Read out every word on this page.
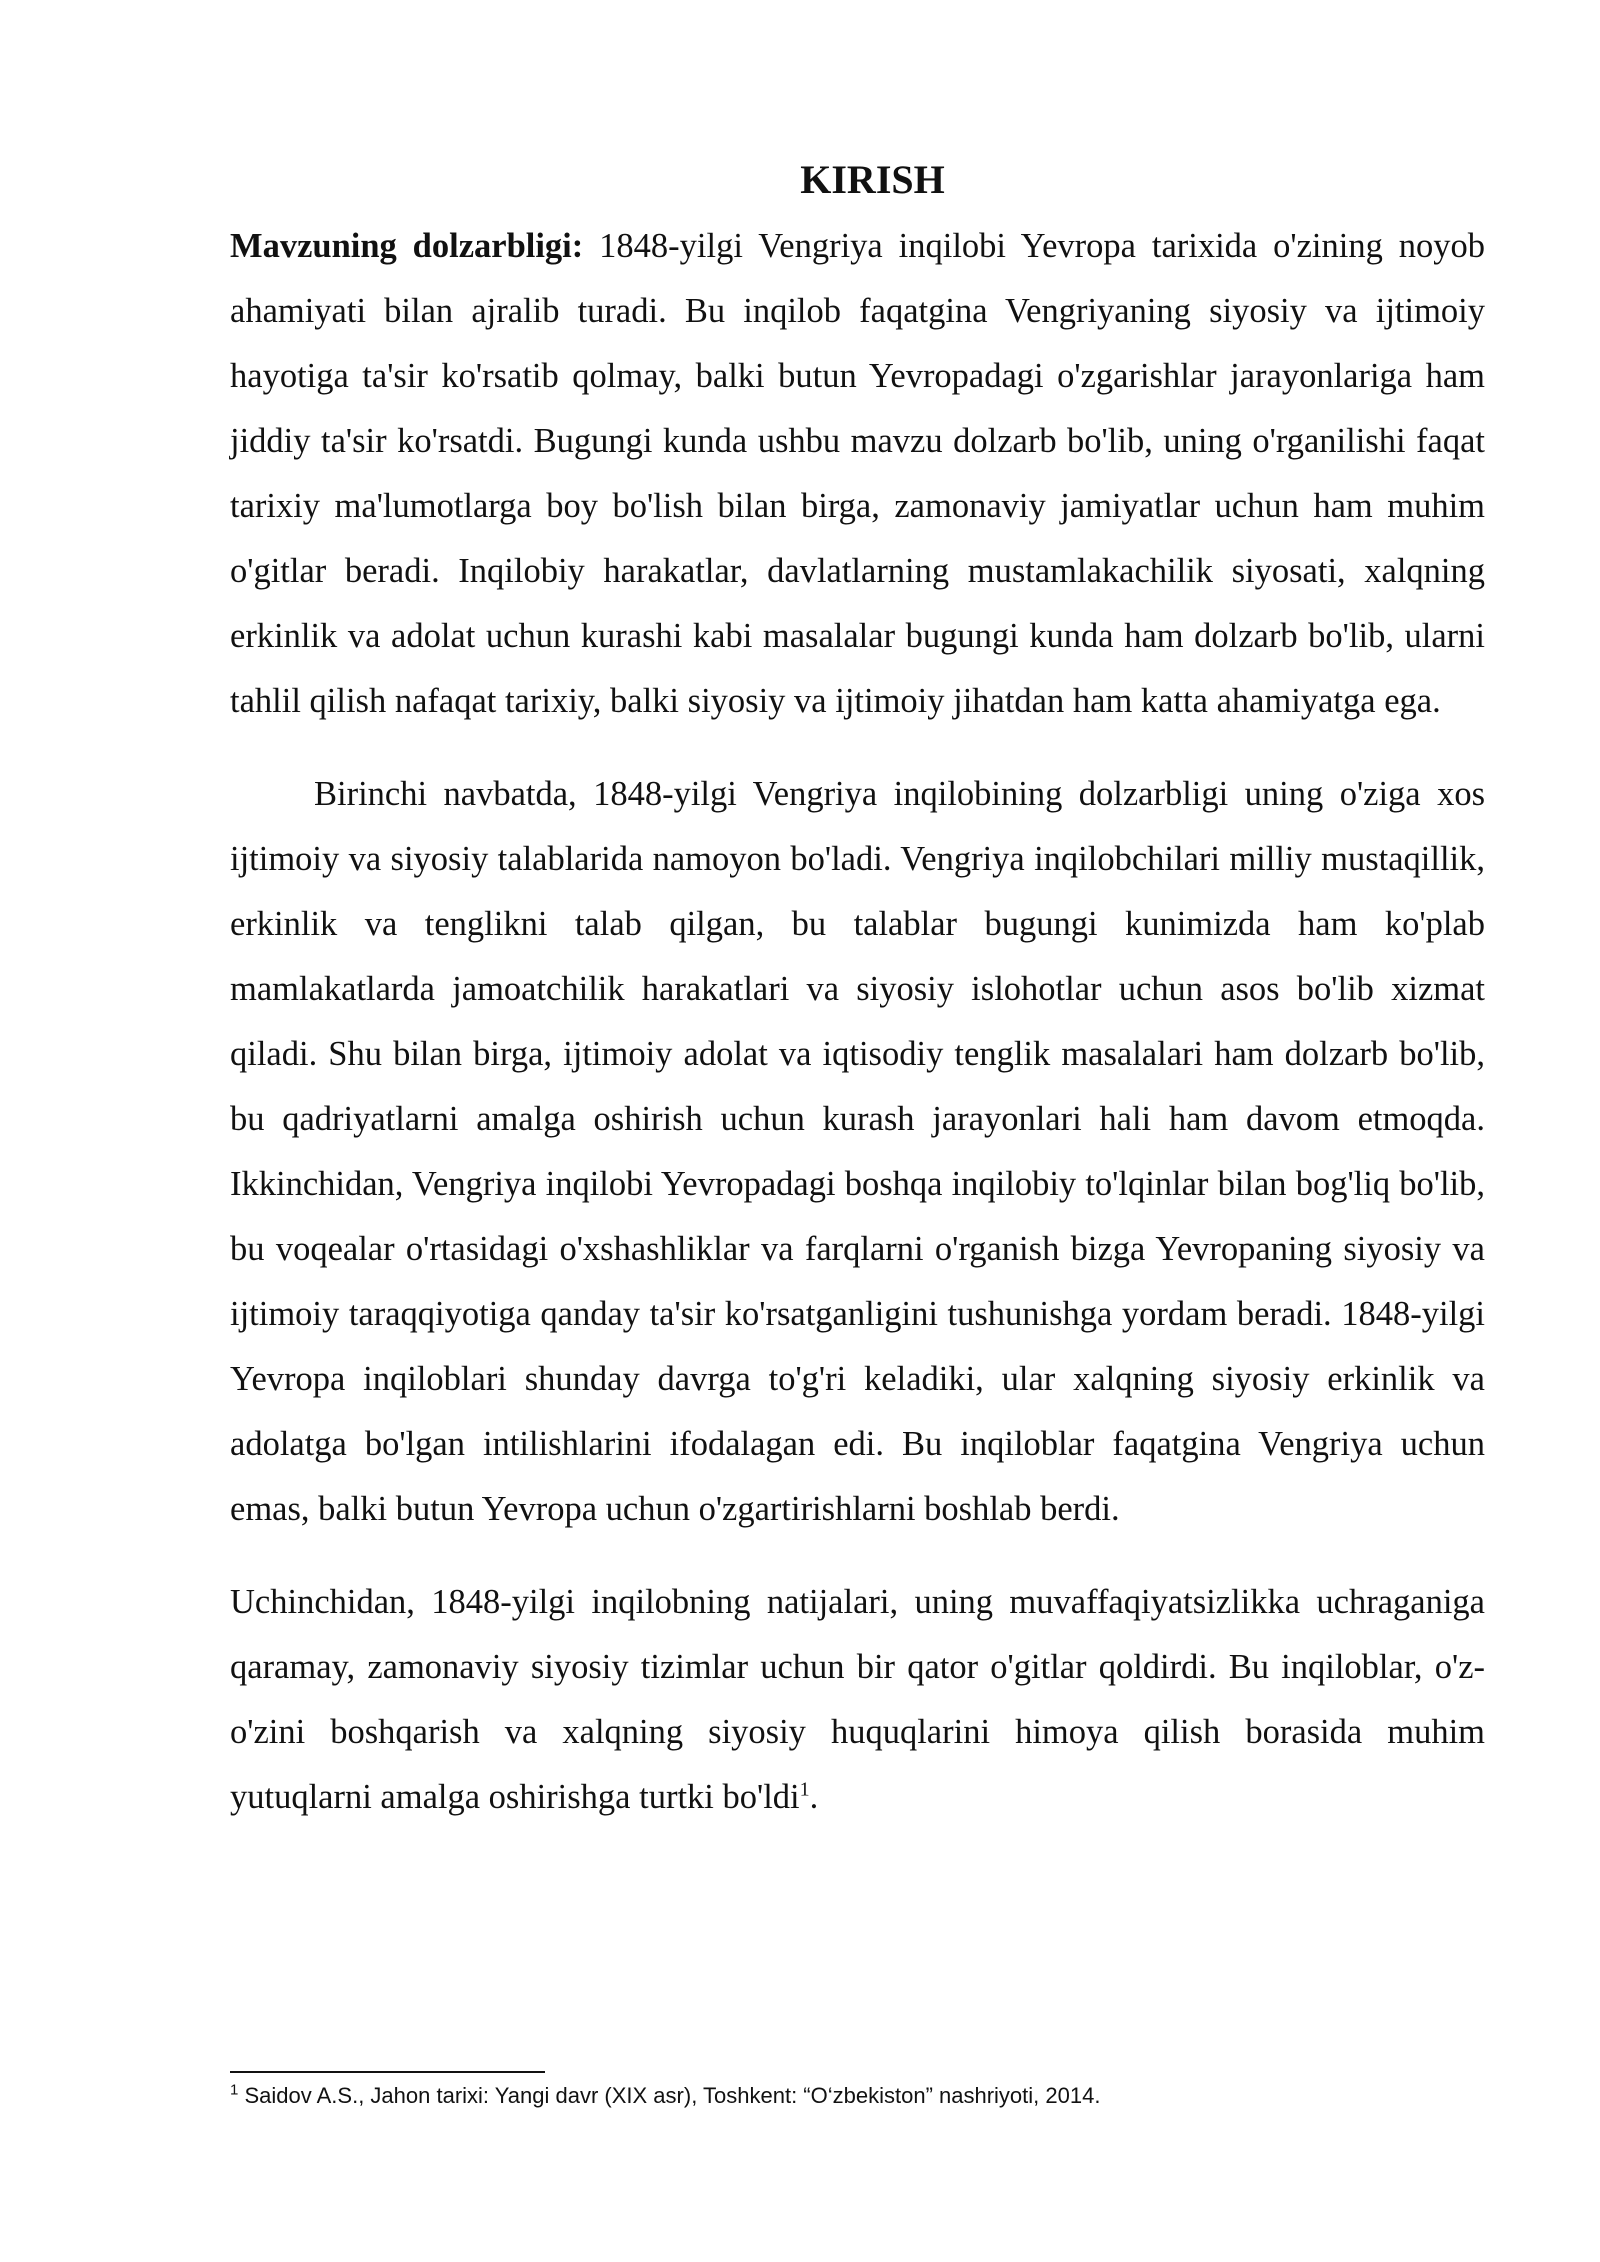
KIRISH

Mavzuning dolzarbligi: 1848-yilgi Vengriya inqilobi Yevropa tarixida o'zining noyob ahamiyati bilan ajralib turadi. Bu inqilob faqatgina Vengriyaning siyosiy va ijtimoiy hayotiga ta'sir ko'rsatib qolmay, balki butun Yevropadagi o'zgarishlar jarayonlariga ham jiddiy ta'sir ko'rsatdi. Bugungi kunda ushbu mavzu dolzarb bo'lib, uning o'rganilishi faqat tarixiy ma'lumotlarga boy bo'lish bilan birga, zamonaviy jamiyatlar uchun ham muhim o'gitlar beradi. Inqilobiy harakatlar, davlatlarning mustamlakachilik siyosati, xalqning erkinlik va adolat uchun kurashi kabi masalalar bugungi kunda ham dolzarb bo'lib, ularni tahlil qilish nafaqat tarixiy, balki siyosiy va ijtimoiy jihatdan ham katta ahamiyatga ega.

Birinchi navbatda, 1848-yilgi Vengriya inqilobining dolzarbligi uning o'ziga xos ijtimoiy va siyosiy talablarida namoyon bo'ladi. Vengriya inqilobchilari milliy mustaqillik, erkinlik va tenglikni talab qilgan, bu talablar bugungi kunimizda ham ko'plab mamlakatlarda jamoatchilik harakatlari va siyosiy islohotlar uchun asos bo'lib xizmat qiladi. Shu bilan birga, ijtimoiy adolat va iqtisodiy tenglik masalalari ham dolzarb bo'lib, bu qadriyatlarni amalga oshirish uchun kurash jarayonlari hali ham davom etmoqda. Ikkinchidan, Vengriya inqilobi Yevropadagi boshqa inqilobiy to'lqinlar bilan bog'liq bo'lib, bu voqealar o'rtasidagi o'xshashliklar va farqlarni o'rganish bizga Yevropaning siyosiy va ijtimoiy taraqqiyotiga qanday ta'sir ko'rsatganligini tushunishga yordam beradi. 1848-yilgi Yevropa inqiloblari shunday davrga to'g'ri keladiki, ular xalqning siyosiy erkinlik va adolatga bo'lgan intilishlarini ifodalagan edi. Bu inqiloblar faqatgina Vengriya uchun emas, balki butun Yevropa uchun o'zgartirishlarni boshlab berdi.

Uchinchidan, 1848-yilgi inqilobning natijalari, uning muvaffaqiyatsizlikka uchraganiga qaramay, zamonaviy siyosiy tizimlar uchun bir qator o'gitlar qoldirdi. Bu inqiloblar, o'z-o'zini boshqarish va xalqning siyosiy huquqlarini himoya qilish borasida muhim yutuqlarni amalga oshirishga turtki bo'ldi$^1$.

$^1$ Saidov A.S., Jahon tarixi: Yangi davr (XIX asr), Toshkent: “O‘zbekiston” nashriyoti, 2014.
